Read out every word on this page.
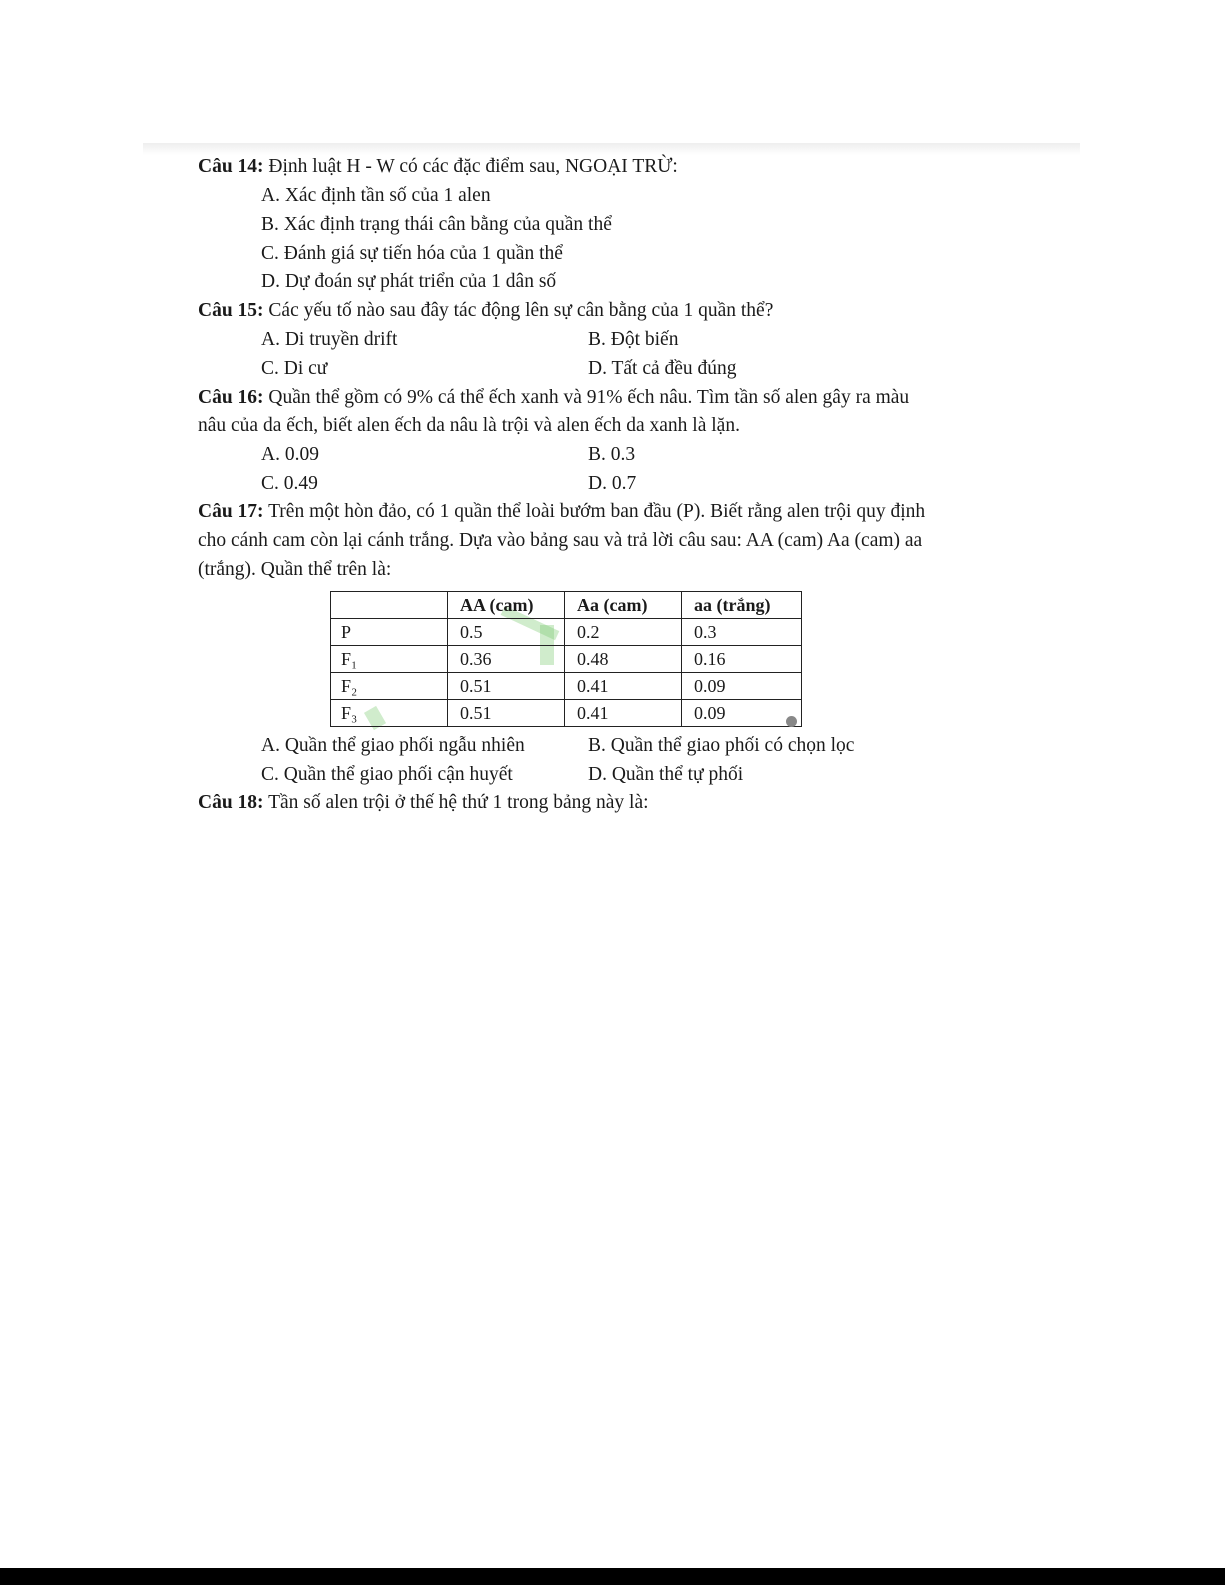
Câu 14: Định luật H - W có các đặc điểm sau, NGOẠI TRỪ:
A. Xác định tần số của 1 alen
B. Xác định trạng thái cân bằng của quần thể
C. Đánh giá sự tiến hóa của 1 quần thể
D. Dự đoán sự phát triển của 1 dân số
Câu 15: Các yếu tố nào sau đây tác động lên sự cân bằng của 1 quần thể?
A. Di truyền drift	B. Đột biến
C. Di cư	D. Tất cả đều đúng
Câu 16: Quần thể gồm có 9% cá thể ếch xanh và 91% ếch nâu. Tìm tần số alen gây ra màu
nâu của da ếch, biết alen ếch da nâu là trội và alen ếch da xanh là lặn.
A. 0.09	B. 0.3
C. 0.49	D. 0.7
Câu 17: Trên một hòn đảo, có 1 quần thể loài bướm ban đầu (P). Biết rằng alen trội quy định
cho cánh cam còn lại cánh trắng. Dựa vào bảng sau và trả lời câu sau: AA (cam) Aa (cam) aa
(trắng). Quần thể trên là:
	AA (cam)	Aa (cam)	aa (trắng)
P	0.5	0.2	0.3
F₁	0.36	0.48	0.16
F₂	0.51	0.41	0.09
F₃	0.51	0.41	0.09
A. Quần thể giao phối ngẫu nhiên	B. Quần thể giao phối có chọn lọc
C. Quần thể giao phối cận huyết	D. Quần thể tự phối
Câu 18: Tần số alen trội ở thế hệ thứ 1 trong bảng này là:
